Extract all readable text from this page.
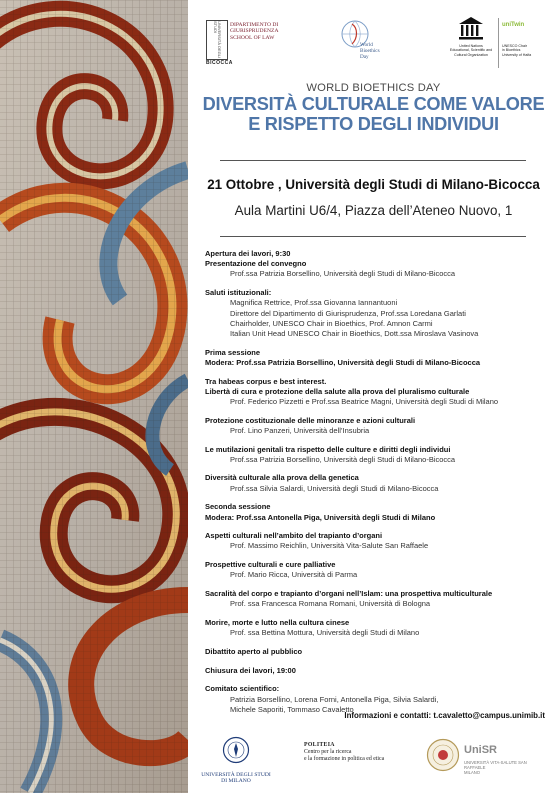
UNIVERSITÀ DEGLI STUDI	DIPARTIMENTO DI
GIURISPRUDENZA
SCHOOL OF LAW
BICOCCA
World
Bioethics
Day
United Nations
Educational, Scientific and
Cultural Organization
uniTwin
UNESCO Chair
in Bioethics
University of Haifa
WORLD BIOETHICS DAY
DIVERSITÀ CULTURALE COME VALORE
E RISPETTO DEGLI INDIVIDUI
21 Ottobre , Università degli Studi di Milano-Bicocca
Aula Martini U6/4, Piazza dell’Ateneo Nuovo, 1
Apertura dei lavori, 9:30
Presentazione del convegno
Prof.ssa Patrizia Borsellino, Università degli Studi di Milano-Bicocca
Saluti istituzionali:
Magnifica Rettrice, Prof.ssa Giovanna Iannantuoni
Direttore del Dipartimento di Giurisprudenza, Prof.ssa Loredana Garlati
Chairholder, UNESCO Chair in Bioethics, Prof. Amnon Carmi
Italian Unit Head UNESCO Chair in Bioethics, Dott.ssa Miroslava Vasinova
Prima sessione
Modera: Prof.ssa Patrizia Borsellino, Università degli Studi di Milano-Bicocca
Tra habeas corpus e best interest.
Libertà di cura e protezione della salute alla prova del pluralismo culturale
Prof. Federico Pizzetti e Prof.ssa Beatrice Magni, Università degli Studi di Milano
Protezione costituzionale delle minoranze e azioni culturali
Prof. Lino Panzeri, Università dell’Insubria
Le mutilazioni genitali tra rispetto delle culture e diritti degli individui
Prof.ssa Patrizia Borsellino, Università degli Studi di Milano-Bicocca
Diversità culturale alla prova della genetica
Prof.ssa Silvia Salardi, Università degli Studi di Milano-Bicocca
Seconda sessione
Modera: Prof.ssa Antonella Piga, Università degli Studi di Milano
Aspetti culturali nell’ambito del trapianto d’organi
Prof. Massimo Reichlin, Università Vita-Salute San Raffaele
Prospettive culturali e cure palliative
Prof. Mario Ricca, Università di Parma
Sacralità del corpo e trapianto d’organi nell’Islam: una prospettiva multiculturale
Prof. ssa Francesca Romana Romani, Università di Bologna
Morire, morte e lutto nella cultura cinese
Prof. ssa Bettina Mottura, Università degli Studi di Milano
Dibattito aperto al pubblico
Chiusura dei lavori, 19:00
Comitato scientifico:
Patrizia Borsellino, Lorena Forni, Antonella Piga, Silvia Salardi,
Michele Saporiti, Tommaso Cavaletto
Informazioni e contatti: t.cavaletto@campus.unimib.it
UNIVERSITÀ DEGLI STUDI
DI MILANO
POLITEIA
Centro per la ricerca
e la formazione in politica ed etica
UniSR
UNIVERSITÀ VITA-SALUTE SAN RAFFAELE
MILANO
